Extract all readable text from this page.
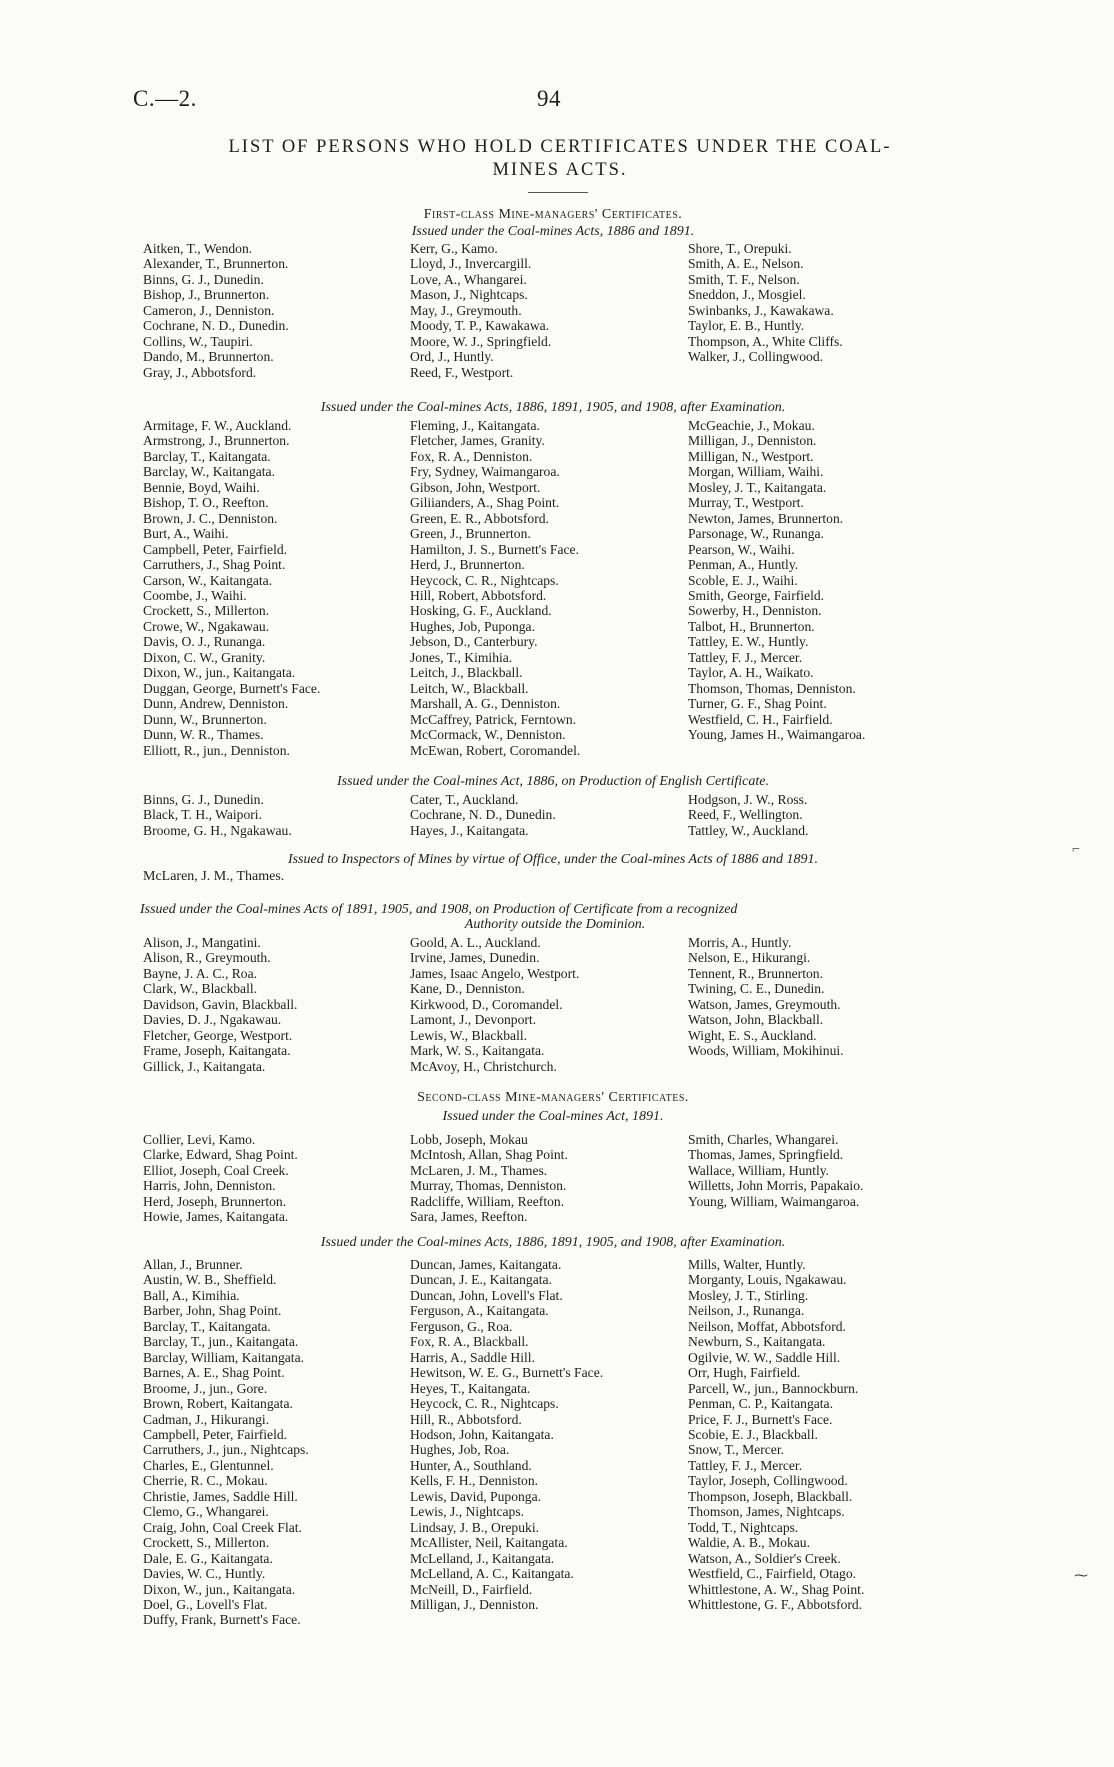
C.—2.	94
LIST OF PERSONS WHO HOLD CERTIFICATES UNDER THE COAL-
MINES ACTS.
First-class Mine-managers' Certificates.
Issued under the Coal-mines Acts, 1886 and 1891.
Aitken, T., Wendon.
Alexander, T., Brunnerton.
Binns, G. J., Dunedin.
Bishop, J., Brunnerton.
Cameron, J., Denniston.
Cochrane, N. D., Dunedin.
Collins, W., Taupiri.
Dando, M., Brunnerton.
Gray, J., Abbotsford.
Kerr, G., Kamo.
Lloyd, J., Invercargill.
Love, A., Whangarei.
Mason, J., Nightcaps.
May, J., Greymouth.
Moody, T. P., Kawakawa.
Moore, W. J., Springfield.
Ord, J., Huntly.
Reed, F., Westport.
Shore, T., Orepuki.
Smith, A. E., Nelson.
Smith, T. F., Nelson.
Sneddon, J., Mosgiel.
Swinbanks, J., Kawakawa.
Taylor, E. B., Huntly.
Thompson, A., White Cliffs.
Walker, J., Collingwood.
Issued under the Coal-mines Acts, 1886, 1891, 1905, and 1908, after Examination.
Armitage, F. W., Auckland.
Armstrong, J., Brunnerton.
Barclay, T., Kaitangata.
Barclay, W., Kaitangata.
Bennie, Boyd, Waihi.
Bishop, T. O., Reefton.
Brown, J. C., Denniston.
Burt, A., Waihi.
Campbell, Peter, Fairfield.
Carruthers, J., Shag Point.
Carson, W., Kaitangata.
Coombe, J., Waihi.
Crockett, S., Millerton.
Crowe, W., Ngakawau.
Davis, O. J., Runanga.
Dixon, C. W., Granity.
Dixon, W., jun., Kaitangata.
Duggan, George, Burnett's Face.
Dunn, Andrew, Denniston.
Dunn, W., Brunnerton.
Dunn, W. R., Thames.
Elliott, R., jun., Denniston.
Fleming, J., Kaitangata.
Fletcher, James, Granity.
Fox, R. A., Denniston.
Fry, Sydney, Waimangaroa.
Gibson, John, Westport.
Giliianders, A., Shag Point.
Green, E. R., Abbotsford.
Green, J., Brunnerton.
Hamilton, J. S., Burnett's Face.
Herd, J., Brunnerton.
Heycock, C. R., Nightcaps.
Hill, Robert, Abbotsford.
Hosking, G. F., Auckland.
Hughes, Job, Puponga.
Jebson, D., Canterbury.
Jones, T., Kimihia.
Leitch, J., Blackball.
Leitch, W., Blackball.
Marshall, A. G., Denniston.
McCaffrey, Patrick, Ferntown.
McCormack, W., Denniston.
McEwan, Robert, Coromandel.
McGeachie, J., Mokau.
Milligan, J., Denniston.
Milligan, N., Westport.
Morgan, William, Waihi.
Mosley, J. T., Kaitangata.
Murray, T., Westport.
Newton, James, Brunnerton.
Parsonage, W., Runanga.
Pearson, W., Waihi.
Penman, A., Huntly.
Scoble, E. J., Waihi.
Smith, George, Fairfield.
Sowerby, H., Denniston.
Talbot, H., Brunnerton.
Tattley, E. W., Huntly.
Tattley, F. J., Mercer.
Taylor, A. H., Waikato.
Thomson, Thomas, Denniston.
Turner, G. F., Shag Point.
Westfield, C. H., Fairfield.
Young, James H., Waimangaroa.
Issued under the Coal-mines Act, 1886, on Production of English Certificate.
Binns, G. J., Dunedin.
Black, T. H., Waipori.
Broome, G. H., Ngakawau.
Cater, T., Auckland.
Cochrane, N. D., Dunedin.
Hayes, J., Kaitangata.
Hodgson, J. W., Ross.
Reed, F., Wellington.
Tattley, W., Auckland.
Issued to Inspectors of Mines by virtue of Office, under the Coal-mines Acts of 1886 and 1891.
McLaren, J. M., Thames.
Issued under the Coal-mines Acts of 1891, 1905, and 1908, on Production of Certificate from a recognized
Authority outside the Dominion.
Alison, J., Mangatini.
Alison, R., Greymouth.
Bayne, J. A. C., Roa.
Clark, W., Blackball.
Davidson, Gavin, Blackball.
Davies, D. J., Ngakawau.
Fletcher, George, Westport.
Frame, Joseph, Kaitangata.
Gillick, J., Kaitangata.
Goold, A. L., Auckland.
Irvine, James, Dunedin.
James, Isaac Angelo, Westport.
Kane, D., Denniston.
Kirkwood, D., Coromandel.
Lamont, J., Devonport.
Lewis, W., Blackball.
Mark, W. S., Kaitangata.
McAvoy, H., Christchurch.
Morris, A., Huntly.
Nelson, E., Hikurangi.
Tennent, R., Brunnerton.
Twining, C. E., Dunedin.
Watson, James, Greymouth.
Watson, John, Blackball.
Wight, E. S., Auckland.
Woods, William, Mokihinui.
Second-class Mine-managers' Certificates.
Issued under the Coal-mines Act, 1891.
Collier, Levi, Kamo.
Clarke, Edward, Shag Point.
Elliot, Joseph, Coal Creek.
Harris, John, Denniston.
Herd, Joseph, Brunnerton.
Howie, James, Kaitangata.
Lobb, Joseph, Mokau
McIntosh, Allan, Shag Point.
McLaren, J. M., Thames.
Murray, Thomas, Denniston.
Radcliffe, William, Reefton.
Sara, James, Reefton.
Smith, Charles, Whangarei.
Thomas, James, Springfield.
Wallace, William, Huntly.
Willetts, John Morris, Papakaio.
Young, William, Waimangaroa.
Issued under the Coal-mines Acts, 1886, 1891, 1905, and 1908, after Examination.
Allan, J., Brunner.
Austin, W. B., Sheffield.
Ball, A., Kimihia.
Barber, John, Shag Point.
Barclay, T., Kaitangata.
Barclay, T., jun., Kaitangata.
Barclay, William, Kaitangata.
Barnes, A. E., Shag Point.
Broome, J., jun., Gore.
Brown, Robert, Kaitangata.
Cadman, J., Hikurangi.
Campbell, Peter, Fairfield.
Carruthers, J., jun., Nightcaps.
Charles, E., Glentunnel.
Cherrie, R. C., Mokau.
Christie, James, Saddle Hill.
Clemo, G., Whangarei.
Craig, John, Coal Creek Flat.
Crockett, S., Millerton.
Dale, E. G., Kaitangata.
Davies, W. C., Huntly.
Dixon, W., jun., Kaitangata.
Doel, G., Lovell's Flat.
Duffy, Frank, Burnett's Face.
Duncan, James, Kaitangata.
Duncan, J. E., Kaitangata.
Duncan, John, Lovell's Flat.
Ferguson, A., Kaitangata.
Ferguson, G., Roa.
Fox, R. A., Blackball.
Harris, A., Saddle Hill.
Hewitson, W. E. G., Burnett's Face.
Heyes, T., Kaitangata.
Heycock, C. R., Nightcaps.
Hill, R., Abbotsford.
Hodson, John, Kaitangata.
Hughes, Job, Roa.
Hunter, A., Southland.
Kells, F. H., Denniston.
Lewis, David, Puponga.
Lewis, J., Nightcaps.
Lindsay, J. B., Orepuki.
McAllister, Neil, Kaitangata.
McLelland, J., Kaitangata.
McLelland, A. C., Kaitangata.
McNeill, D., Fairfield.
Milligan, J., Denniston.
Mills, Walter, Huntly.
Morganty, Louis, Ngakawau.
Mosley, J. T., Stirling.
Neilson, J., Runanga.
Neilson, Moffat, Abbotsford.
Newburn, S., Kaitangata.
Ogilvie, W. W., Saddle Hill.
Orr, Hugh, Fairfield.
Parcell, W., jun., Bannockburn.
Penman, C. P., Kaitangata.
Price, F. J., Burnett's Face.
Scobie, E. J., Blackball.
Snow, T., Mercer.
Tattley, F. J., Mercer.
Taylor, Joseph, Collingwood.
Thompson, Joseph, Blackball.
Thomson, James, Nightcaps.
Todd, T., Nightcaps.
Waldie, A. B., Mokau.
Watson, A., Soldier's Creek.
Westfield, C., Fairfield, Otago.
Whittlestone, A. W., Shag Point.
Whittlestone, G. F., Abbotsford.
⌐
⁓
